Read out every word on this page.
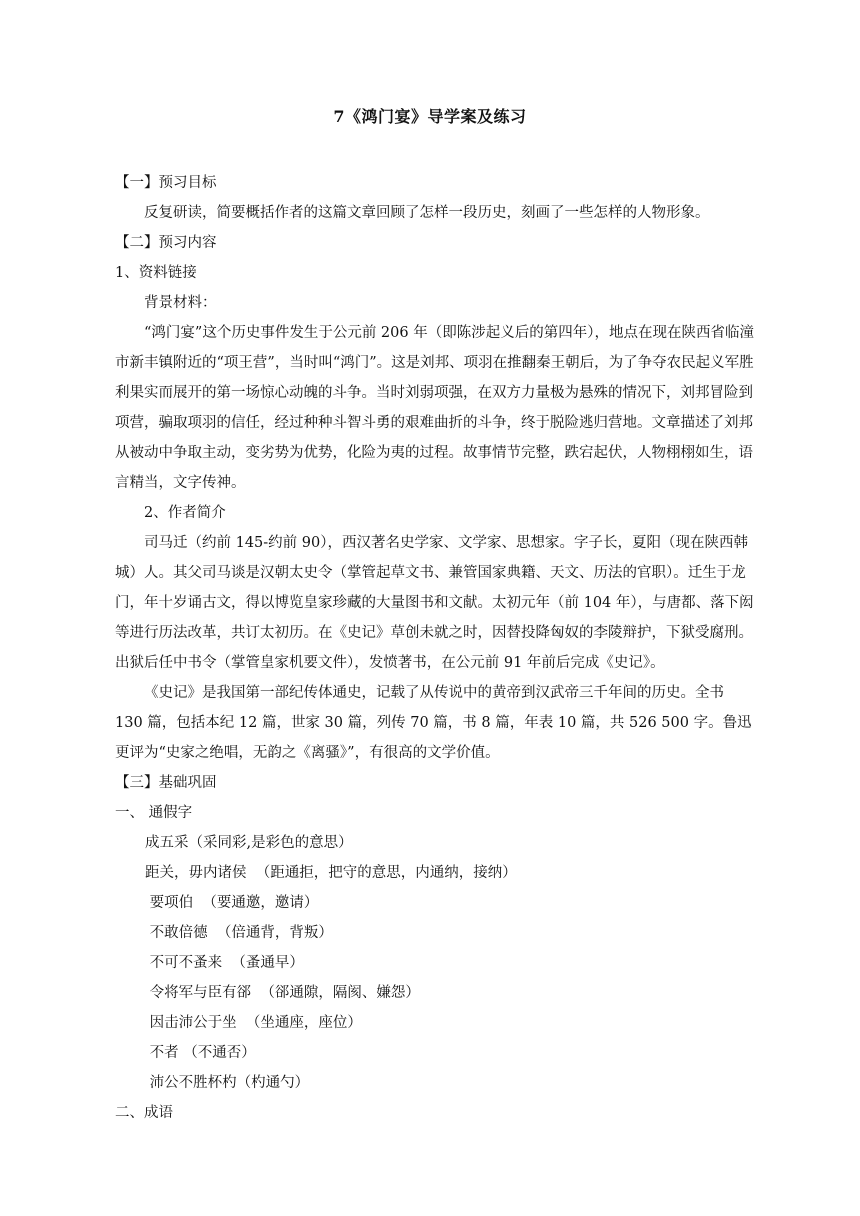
7《鸿门宴》导学案及练习

【一】预习目标

反复研读，简要概括作者的这篇文章回顾了怎样一段历史，刻画了一些怎样的人物形象。

【二】预习内容

1、资料链接

背景材料：

“鸿门宴”这个历史事件发生于公元前 206 年（即陈涉起义后的第四年），地点在现在陕西省临潼市新丰镇附近的“项王营”，当时叫“鸿门”。这是刘邦、项羽在推翻秦王朝后，为了争夺农民起义军胜利果实而展开的第一场惊心动魄的斗争。当时刘弱项强，在双方力量极为悬殊的情况下，刘邦冒险到项营，骗取项羽的信任，经过种种斗智斗勇的艰难曲折的斗争，终于脱险逃归营地。文章描述了刘邦从被动中争取主动，变劣势为优势，化险为夷的过程。故事情节完整，跌宕起伏，人物栩栩如生，语言精当，文字传神。

2、作者简介

司马迁（约前 145-约前 90），西汉著名史学家、文学家、思想家。字子长，夏阳（现在陕西韩城）人。其父司马谈是汉朝太史令（掌管起草文书、兼管国家典籍、天文、历法的官职）。迁生于龙门，年十岁诵古文，得以博览皇家珍藏的大量图书和文献。太初元年（前 104 年），与唐都、落下闳等进行历法改革，共订太初历。在《史记》草创未就之时，因替投降匈奴的李陵辩护，下狱受腐刑。出狱后任中书令（掌管皇家机要文件），发愤著书，在公元前 91 年前后完成《史记》。

《史记》是我国第一部纪传体通史，记载了从传说中的黄帝到汉武帝三千年间的历史。全书 130 篇，包括本纪 12 篇，世家 30 篇，列传 70 篇，书 8 篇，年表 10 篇，共 526 500 字。鲁迅更评为“史家之绝唱，无韵之《离骚》”，有很高的文学价值。

【三】基础巩固

一、 通假字

成五采（采同彩,是彩色的意思）

距关，毋内诸侯  （距通拒，把守的意思，内通纳，接纳）

要项伯  （要通邀，邀请）

不敢倍德  （倍通背，背叛）

不可不蚤来  （蚤通早）

令将军与臣有郤  （郤通隙，隔阂、嫌怨）

因击沛公于坐  （坐通座，座位）

不者 （不通否）

沛公不胜杯杓（杓通勺）

二、成语
